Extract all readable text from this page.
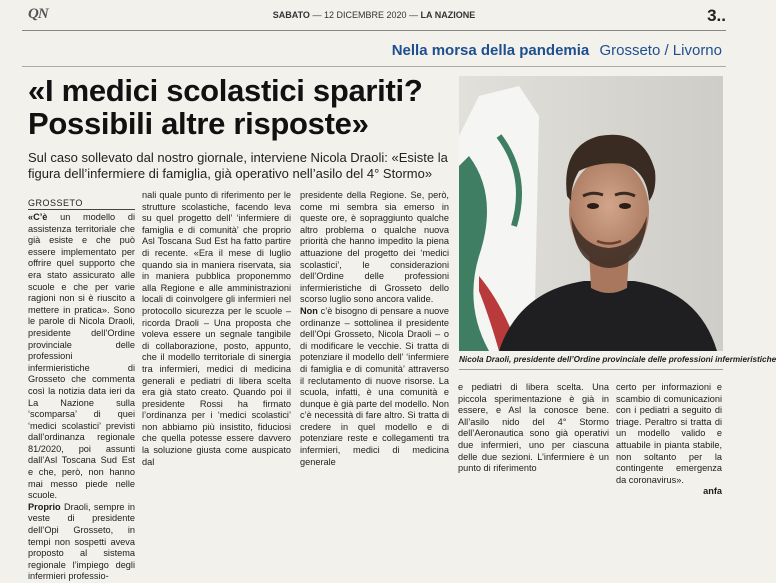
QN	SABATO — 12 DICEMBRE 2020 — LA NAZIONE	3..
Nella morsa della pandemia Grosseto / Livorno
«I medici scolastici spariti? Possibili altre risposte»

Sul caso sollevato dal nostro giornale, interviene Nicola Draoli: «Esiste la figura dell’infermiere di famiglia, già operativo nell’asilo del 4° Stormo»

GROSSETO

«C’è un modello di assistenza territoriale che già esiste e che può essere implementato per offrire quel supporto che era stato assicurato alle scuole e che per varie ragioni non si è riuscito a mettere in pratica». Sono le parole di Nicola Draoli, presidente dell’Ordine provinciale delle professioni infermieristiche di Grosseto che commenta così la notizia data ieri da La Nazione sulla ‘scomparsa’ di quei ‘medici scolastici’ previsti dall’ordinanza regionale 81/2020, poi assunti dall’Asl Toscana Sud Est e che, però, non hanno mai messo piede nelle scuole.

Proprio Draoli, sempre in veste di presidente dell’Opi Grosseto, in tempi non sospetti aveva proposto al sistema regionale l’impiego degli infermieri professio-

nali quale punto di riferimento per le strutture scolastiche, facendo leva su quel progetto dell’ ‘infermiere di famiglia e di comunità’ che proprio Asl Toscana Sud Est ha fatto partire di recente. «Era il mese di luglio quando sia in maniera riservata, sia in maniera pubblica proponemmo alla Regione e alle amministrazioni locali di coinvolgere gli infermieri nel protocollo sicurezza per le scuole – ricorda Draoli – Una proposta che voleva essere un segnale tangibile di collaborazione, posto, appunto, che il modello territoriale di sinergia tra infermieri, medici di medicina generali e pediatri di libera scelta era già stato creato. Quando poi il presidente Rossi ha firmato l’ordinanza per i ‘medici scolastici’ non abbiamo più insistito, fiduciosi che quella potesse essere davvero la soluzione giusta come auspicato dal

presidente della Regione. Se, però, come mi sembra sia emerso in queste ore, è sopraggiunto qualche altro problema o qualche nuova priorità che hanno impedito la piena attuazione del progetto dei ‘medici scolastici’, le considerazioni dell’Ordine delle professioni infermieristiche di Grosseto dello scorso luglio sono ancora valide.

Non c’è bisogno di pensare a nuove ordinanze – sottolinea il presidente dell’Opi Grosseto, Nicola Draoli – o di modificare le vecchie. Si tratta di potenziare il modello dell’ ‘infermiere di famiglia e di comunità’ attraverso il reclutamento di nuove risorse. La scuola, infatti, è una comunità e dunque è già parte del modello. Non c’è necessità di fare altro. Si tratta di credere in quel modello e di potenziare reste e collegamenti tra infermieri, medici di medicina generale

Nicola Draoli, presidente dell’Ordine provinciale delle professioni infermieristiche

e pediatri di libera scelta. Una piccola sperimentazione è già in essere, e Asl la conosce bene. All’asilo nido del 4° Stormo dell’Aeronautica sono già operativi due infermieri, uno per ciascuna delle due sezioni. L’infermiere è un punto di riferimento

certo per informazioni e scambio di comunicazioni con i pediatri a seguito di triage. Peraltro si tratta di un modello valido e attuabile in pianta stabile, non soltanto per la contingente emergenza da coronavirus».

anfa
